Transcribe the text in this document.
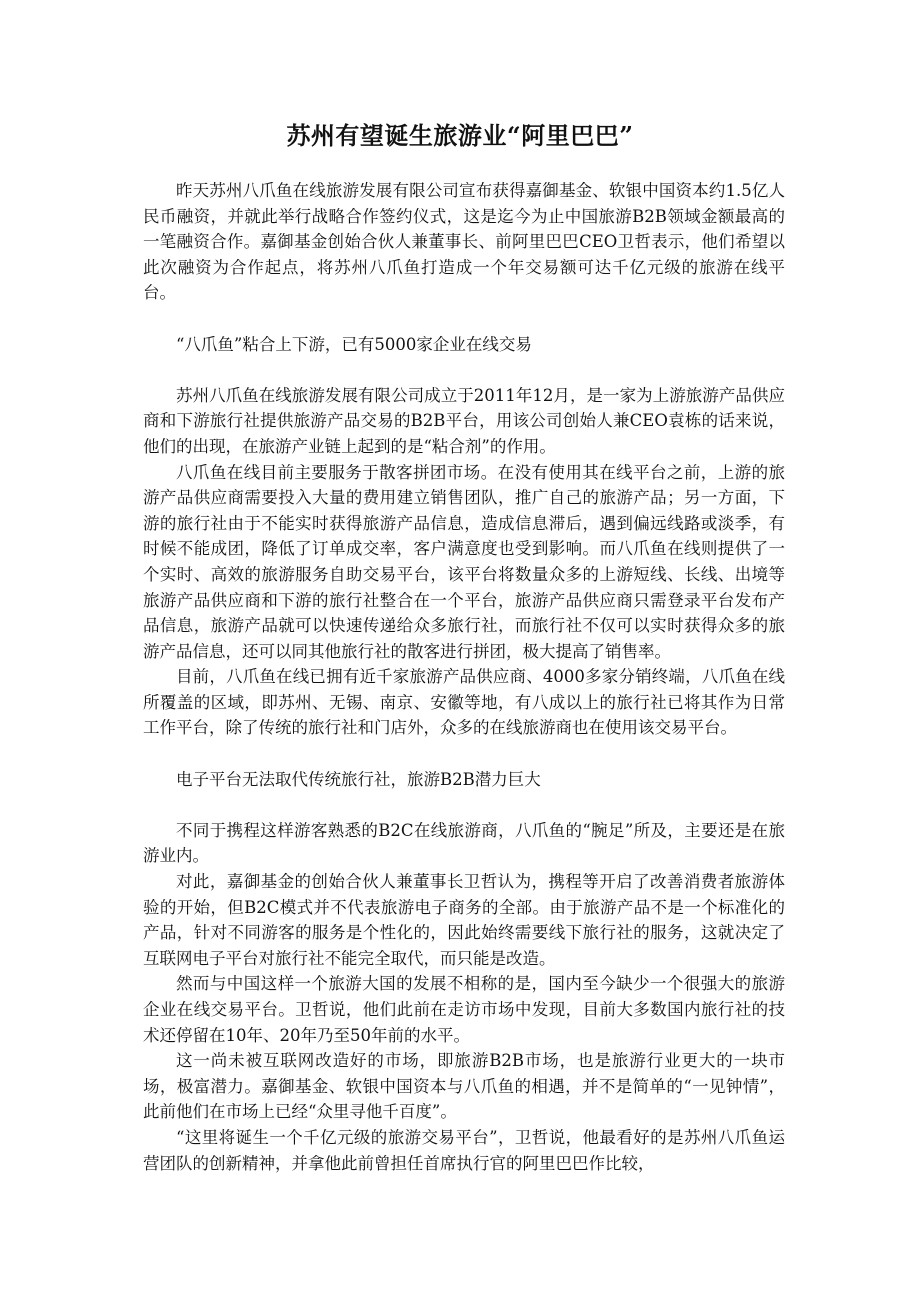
苏州有望诞生旅游业“阿里巴巴”

昨天苏州八爪鱼在线旅游发展有限公司宣布获得嘉御基金、软银中国资本约1.5亿人民币融资，并就此举行战略合作签约仪式，这是迄今为止中国旅游B2B领域金额最高的一笔融资合作。嘉御基金创始合伙人兼董事长、前阿里巴巴CEO卫哲表示，他们希望以此次融资为合作起点，将苏州八爪鱼打造成一个年交易额可达千亿元级的旅游在线平台。

“八爪鱼”粘合上下游，已有5000家企业在线交易

苏州八爪鱼在线旅游发展有限公司成立于2011年12月，是一家为上游旅游产品供应商和下游旅行社提供旅游产品交易的B2B平台，用该公司创始人兼CEO袁栋的话来说，他们的出现，在旅游产业链上起到的是“粘合剂”的作用。

八爪鱼在线目前主要服务于散客拼团市场。在没有使用其在线平台之前，上游的旅游产品供应商需要投入大量的费用建立销售团队，推广自己的旅游产品；另一方面，下游的旅行社由于不能实时获得旅游产品信息，造成信息滞后，遇到偏远线路或淡季，有时候不能成团，降低了订单成交率，客户满意度也受到影响。而八爪鱼在线则提供了一个实时、高效的旅游服务自助交易平台，该平台将数量众多的上游短线、长线、出境等旅游产品供应商和下游的旅行社整合在一个平台，旅游产品供应商只需登录平台发布产品信息，旅游产品就可以快速传递给众多旅行社，而旅行社不仅可以实时获得众多的旅游产品信息，还可以同其他旅行社的散客进行拼团，极大提高了销售率。

目前，八爪鱼在线已拥有近千家旅游产品供应商、4000多家分销终端，八爪鱼在线所覆盖的区域，即苏州、无锡、南京、安徽等地，有八成以上的旅行社已将其作为日常工作平台，除了传统的旅行社和门店外，众多的在线旅游商也在使用该交易平台。

电子平台无法取代传统旅行社，旅游B2B潜力巨大

不同于携程这样游客熟悉的B2C在线旅游商，八爪鱼的“腕足”所及，主要还是在旅游业内。

对此，嘉御基金的创始合伙人兼董事长卫哲认为，携程等开启了改善消费者旅游体验的开始，但B2C模式并不代表旅游电子商务的全部。由于旅游产品不是一个标准化的产品，针对不同游客的服务是个性化的，因此始终需要线下旅行社的服务，这就决定了互联网电子平台对旅行社不能完全取代，而只能是改造。

然而与中国这样一个旅游大国的发展不相称的是，国内至今缺少一个很强大的旅游企业在线交易平台。卫哲说，他们此前在走访市场中发现，目前大多数国内旅行社的技术还停留在10年、20年乃至50年前的水平。

这一尚未被互联网改造好的市场，即旅游B2B市场，也是旅游行业更大的一块市场，极富潜力。嘉御基金、软银中国资本与八爪鱼的相遇，并不是简单的“一见钟情”，此前他们在市场上已经“众里寻他千百度”。

“这里将诞生一个千亿元级的旅游交易平台”，卫哲说，他最看好的是苏州八爪鱼运营团队的创新精神，并拿他此前曾担任首席执行官的阿里巴巴作比较，
